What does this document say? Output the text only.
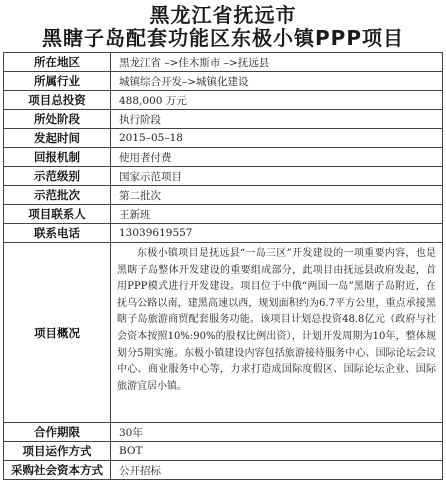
黑龙江省抚远市
黑瞎子岛配套功能区东极小镇PPP项目
所在地区	黑龙江省 –>佳木斯市 –>抚远县
所属行业	城镇综合开发–>城镇化建设
项目总投资	488,000 万元
所处阶段	执行阶段
发起时间	2015–05–18
回报机制	使用者付费
示范级别	国家示范项目
示范批次	第二批次
项目联系人	王新班
联系电话	13039619557
项目概况	东极小镇项目是抚远县“一岛三区”开发建设的一项重要内容，也是黑瞎子岛整体开发建设的重要组成部分，此项目由抚远县政府发起，首用PPP模式进行开发建设。项目位于中俄“两国一岛”黑瞎子岛附近，在抚乌公路以南，建黑高速以西，规划面积约为6.7平方公里，重点承接黑瞎子岛旅游商贸配套服务功能。该项目计划总投资48.8亿元（政府与社会资本按照10%:90%的股权比例出资），计划开发周期为10年，整体规划分5期实施。东极小镇建设内容包括旅游接待服务中心、国际论坛会议中心、商业服务中心等，力求打造成国际度假区、国际论坛企业、国际旅游宜居小镇。
合作期限	30年
项目运作方式	BOT
采购社会资本方式	公开招标
